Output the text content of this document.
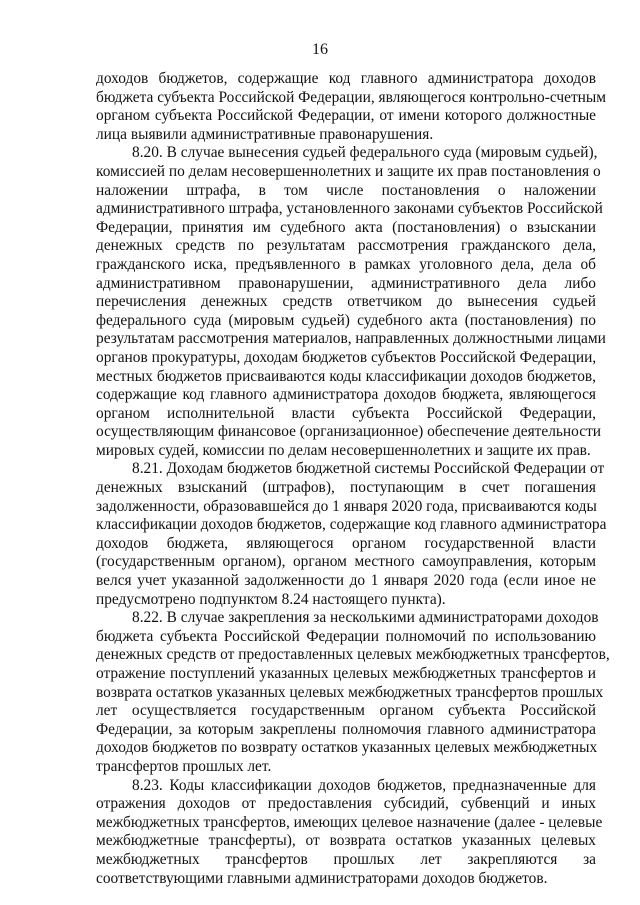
16
доходов бюджетов, содержащие код главного администратора доходов
бюджета субъекта Российской Федерации, являющегося контрольно-счетным
органом субъекта Российской Федерации, от имени которого должностные
лица выявили административные правонарушения.
8.20. В случае вынесения судьей федерального суда (мировым судьей),
комиссией по делам несовершеннолетних и защите их прав постановления о
наложении штрафа, в том числе постановления о наложении
административного штрафа, установленного законами субъектов Российской
Федерации, принятия им судебного акта (постановления) о взыскании
денежных средств по результатам рассмотрения гражданского дела,
гражданского иска, предъявленного в рамках уголовного дела, дела об
административном правонарушении, административного дела либо
перечисления денежных средств ответчиком до вынесения судьей
федерального суда (мировым судьей) судебного акта (постановления) по
результатам рассмотрения материалов, направленных должностными лицами
органов прокуратуры, доходам бюджетов субъектов Российской Федерации,
местных бюджетов присваиваются коды классификации доходов бюджетов,
содержащие код главного администратора доходов бюджета, являющегося
органом исполнительной власти субъекта Российской Федерации,
осуществляющим финансовое (организационное) обеспечение деятельности
мировых судей, комиссии по делам несовершеннолетних и защите их прав.
8.21. Доходам бюджетов бюджетной системы Российской Федерации от
денежных взысканий (штрафов), поступающим в счет погашения
задолженности, образовавшейся до 1 января 2020 года, присваиваются коды
классификации доходов бюджетов, содержащие код главного администратора
доходов бюджета, являющегося органом государственной власти
(государственным органом), органом местного самоуправления, которым
велся учет указанной задолженности до 1 января 2020 года (если иное не
предусмотрено подпунктом 8.24 настоящего пункта).
8.22. В случае закрепления за несколькими администраторами доходов
бюджета субъекта Российской Федерации полномочий по использованию
денежных средств от предоставленных целевых межбюджетных трансфертов,
отражение поступлений указанных целевых межбюджетных трансфертов и
возврата остатков указанных целевых межбюджетных трансфертов прошлых
лет осуществляется государственным органом субъекта Российской
Федерации, за которым закреплены полномочия главного администратора
доходов бюджетов по возврату остатков указанных целевых межбюджетных
трансфертов прошлых лет.
8.23. Коды классификации доходов бюджетов, предназначенные для
отражения доходов от предоставления субсидий, субвенций и иных
межбюджетных трансфертов, имеющих целевое назначение (далее - целевые
межбюджетные трансферты), от возврата остатков указанных целевых
межбюджетных трансфертов прошлых лет закрепляются за
соответствующими главными администраторами доходов бюджетов.
